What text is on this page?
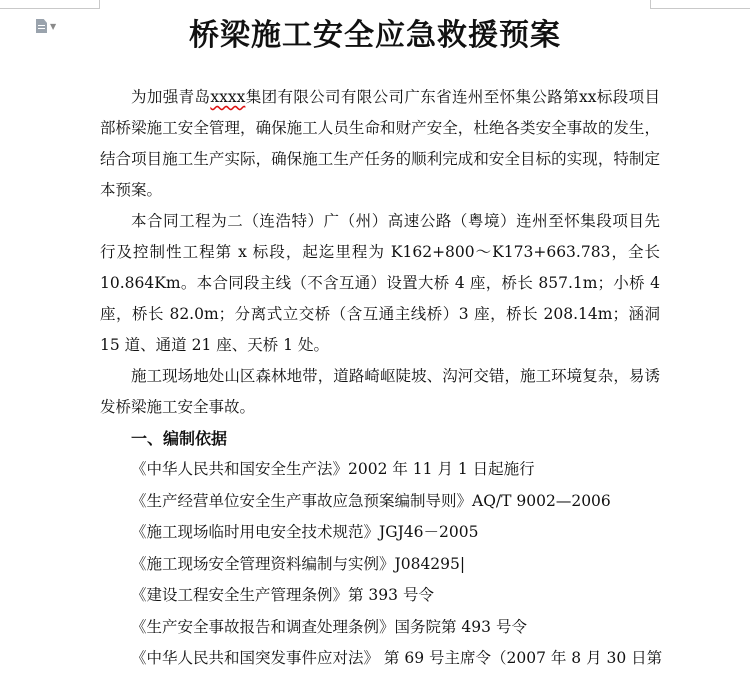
▼	桥梁施工安全应急救援预案

为加强青岛xxxx集团有限公司有限公司广东省连州至怀集公路第xx标段项目部桥梁施工安全管理，确保施工人员生命和财产安全，杜绝各类安全事故的发生，结合项目施工生产实际，确保施工生产任务的顺利完成和安全目标的实现，特制定本预案。

本合同工程为二（连浩特）广（州）高速公路（粤境）连州至怀集段项目先

行及控制性工程第 x 标段，起迄里程为 K162+800～K173+663.783，全长

10.864Km。本合同段主线（不含互通）设置大桥 4 座，桥长 857.1m；小桥 4 座，桥长 82.0m；分离式立交桥（含互通主线桥）3 座，桥长 208.14m；涵洞 15 道、通道 21 座、天桥 1 处。

施工现场地处山区森林地带，道路崎岖陡坡、沟河交错，施工环境复杂，易诱发桥梁施工安全事故。

一、编制依据

《中华人民共和国安全生产法》2002 年 11 月 1 日起施行

《生产经营单位安全生产事故应急预案编制导则》AQ/T 9002—2006

《施工现场临时用电安全技术规范》JGJ46－2005

《施工现场安全管理资料编制与实例》J084295|

《建设工程安全生产管理条例》第 393 号令

《生产安全事故报告和调查处理条例》国务院第 493 号令

《中华人民共和国突发事件应对法》 第 69 号主席令（2007 年 8 月 30 日第
